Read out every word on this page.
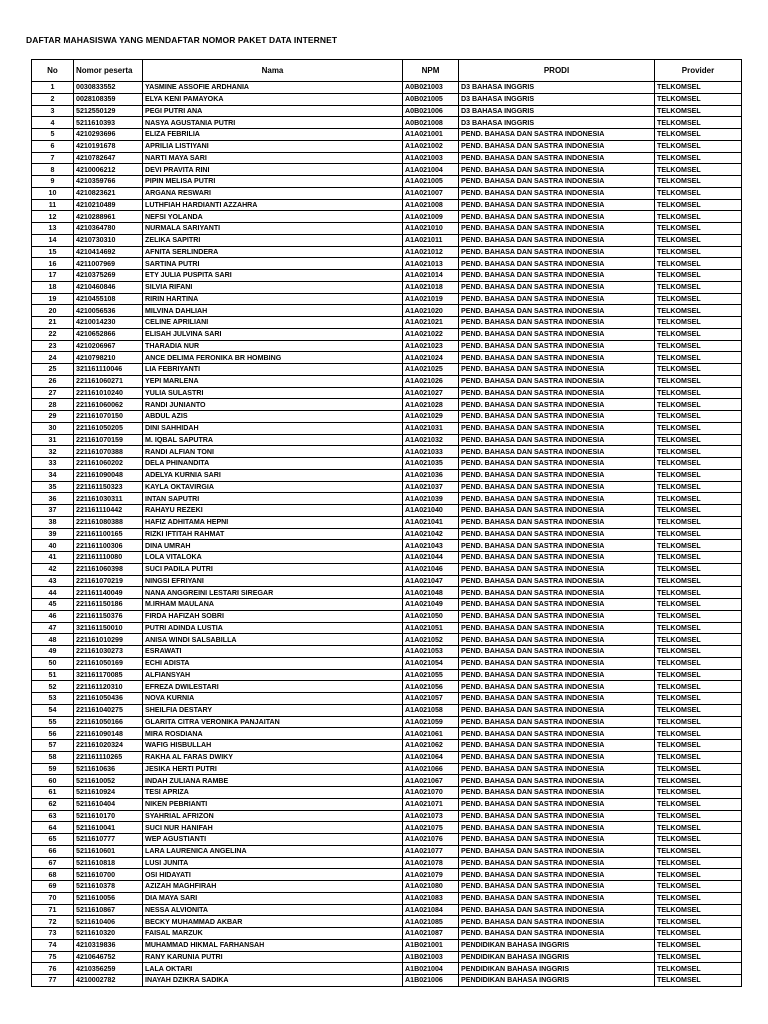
DAFTAR MAHASISWA YANG MENDAFTAR NOMOR PAKET DATA INTERNET
No	Nomor peserta	Nama	NPM	PRODI	Provider
1	0030833552	YASMINE ASSOFIE ARDHANIA	A0B021003	D3 BAHASA INGGRIS	TELKOMSEL
2	0028108359	ELYA KENI PAMAYOKA	A0B021005	D3 BAHASA INGGRIS	TELKOMSEL
3	5212550129	PEGI PUTRI ANA	A0B021006	D3 BAHASA INGGRIS	TELKOMSEL
4	5211610393	NASYA AGUSTANIA PUTRI	A0B021008	D3 BAHASA INGGRIS	TELKOMSEL
5	4210293696	ELIZA FEBRILIA	A1A021001	PEND. BAHASA DAN SASTRA INDONESIA	TELKOMSEL
6	4210191678	APRILIA LISTIYANI	A1A021002	PEND. BAHASA DAN SASTRA INDONESIA	TELKOMSEL
7	4210782647	NARTI MAYA SARI	A1A021003	PEND. BAHASA DAN SASTRA INDONESIA	TELKOMSEL
8	4210006212	DEVI PRAVITA RINI	A1A021004	PEND. BAHASA DAN SASTRA INDONESIA	TELKOMSEL
9	4210359766	PIPIN MELISA PUTRI	A1A021005	PEND. BAHASA DAN SASTRA INDONESIA	TELKOMSEL
10	4210823621	ARGANA RESWARI	A1A021007	PEND. BAHASA DAN SASTRA INDONESIA	TELKOMSEL
11	4210210489	LUTHFIAH HARDIANTI AZZAHRA	A1A021008	PEND. BAHASA DAN SASTRA INDONESIA	TELKOMSEL
12	4210288961	NEFSI YOLANDA	A1A021009	PEND. BAHASA DAN SASTRA INDONESIA	TELKOMSEL
13	4210364780	NURMALA SARIYANTI	A1A021010	PEND. BAHASA DAN SASTRA INDONESIA	TELKOMSEL
14	4210730310	ZELIKA SAPITRI	A1A021011	PEND. BAHASA DAN SASTRA INDONESIA	TELKOMSEL
15	4210414692	AFNITA SERLINDERA	A1A021012	PEND. BAHASA DAN SASTRA INDONESIA	TELKOMSEL
16	4211007969	SARTINA PUTRI	A1A021013	PEND. BAHASA DAN SASTRA INDONESIA	TELKOMSEL
17	4210375269	ETY JULIA PUSPITA SARI	A1A021014	PEND. BAHASA DAN SASTRA INDONESIA	TELKOMSEL
18	4210460846	SILVIA RIFANI	A1A021018	PEND. BAHASA DAN SASTRA INDONESIA	TELKOMSEL
19	4210455108	RIRIN HARTINA	A1A021019	PEND. BAHASA DAN SASTRA INDONESIA	TELKOMSEL
20	4210056536	MILVINA DAHLIAH	A1A021020	PEND. BAHASA DAN SASTRA INDONESIA	TELKOMSEL
21	4210014230	CELINE APRILIANI	A1A021021	PEND. BAHASA DAN SASTRA INDONESIA	TELKOMSEL
22	4210652866	ELISAH JULVINA SARI	A1A021022	PEND. BAHASA DAN SASTRA INDONESIA	TELKOMSEL
23	4210206967	THARADIA NUR	A1A021023	PEND. BAHASA DAN SASTRA INDONESIA	TELKOMSEL
24	4210798210	ANCE DELIMA FERONIKA BR HOMBING	A1A021024	PEND. BAHASA DAN SASTRA INDONESIA	TELKOMSEL
25	321161110046	LIA FEBRIYANTI	A1A021025	PEND. BAHASA DAN SASTRA INDONESIA	TELKOMSEL
26	221161060271	YEPI MARLENA	A1A021026	PEND. BAHASA DAN SASTRA INDONESIA	TELKOMSEL
27	221161010240	YULIA SULASTRI	A1A021027	PEND. BAHASA DAN SASTRA INDONESIA	TELKOMSEL
28	221161060062	RANDI JUNIANTO	A1A021028	PEND. BAHASA DAN SASTRA INDONESIA	TELKOMSEL
29	221161070150	ABDUL AZIS	A1A021029	PEND. BAHASA DAN SASTRA INDONESIA	TELKOMSEL
30	221161050205	DINI SAHHIDAH	A1A021031	PEND. BAHASA DAN SASTRA INDONESIA	TELKOMSEL
31	221161070159	M. IQBAL SAPUTRA	A1A021032	PEND. BAHASA DAN SASTRA INDONESIA	TELKOMSEL
32	221161070388	RANDI ALFIAN TONI	A1A021033	PEND. BAHASA DAN SASTRA INDONESIA	TELKOMSEL
33	221161060202	DELA PHINANDITA	A1A021035	PEND. BAHASA DAN SASTRA INDONESIA	TELKOMSEL
34	221161090048	ADELYA KURNIA SARI	A1A021036	PEND. BAHASA DAN SASTRA INDONESIA	TELKOMSEL
35	221161150323	KAYLA OKTAVIRGIA	A1A021037	PEND. BAHASA DAN SASTRA INDONESIA	TELKOMSEL
36	221161030311	INTAN SAPUTRI	A1A021039	PEND. BAHASA DAN SASTRA INDONESIA	TELKOMSEL
37	221161110442	RAHAYU REZEKI	A1A021040	PEND. BAHASA DAN SASTRA INDONESIA	TELKOMSEL
38	221161080388	HAFIZ ADHITAMA HEPNI	A1A021041	PEND. BAHASA DAN SASTRA INDONESIA	TELKOMSEL
39	221161100165	RIZKI IFTITAH RAHMAT	A1A021042	PEND. BAHASA DAN SASTRA INDONESIA	TELKOMSEL
40	221161100306	DINA UMRAH	A1A021043	PEND. BAHASA DAN SASTRA INDONESIA	TELKOMSEL
41	221161110080	LOLA VITALOKA	A1A021044	PEND. BAHASA DAN SASTRA INDONESIA	TELKOMSEL
42	221161060398	SUCI PADILA PUTRI	A1A021046	PEND. BAHASA DAN SASTRA INDONESIA	TELKOMSEL
43	221161070219	NINGSI EFRIYANI	A1A021047	PEND. BAHASA DAN SASTRA INDONESIA	TELKOMSEL
44	221161140049	NANA ANGGREINI LESTARI SIREGAR	A1A021048	PEND. BAHASA DAN SASTRA INDONESIA	TELKOMSEL
45	221161150186	M.IRHAM MAULANA	A1A021049	PEND. BAHASA DAN SASTRA INDONESIA	TELKOMSEL
46	221161150376	FIRDA HAFIZAH SOBRI	A1A021050	PEND. BAHASA DAN SASTRA INDONESIA	TELKOMSEL
47	321161150010	PUTRI ADINDA LUSTIA	A1A021051	PEND. BAHASA DAN SASTRA INDONESIA	TELKOMSEL
48	221161010299	ANISA WINDI SALSABILLA	A1A021052	PEND. BAHASA DAN SASTRA INDONESIA	TELKOMSEL
49	221161030273	ESRAWATI	A1A021053	PEND. BAHASA DAN SASTRA INDONESIA	TELKOMSEL
50	221161050169	ECHI ADISTA	A1A021054	PEND. BAHASA DAN SASTRA INDONESIA	TELKOMSEL
51	321161170085	ALFIANSYAH	A1A021055	PEND. BAHASA DAN SASTRA INDONESIA	TELKOMSEL
52	221161120310	EFREZA DWILESTARI	A1A021056	PEND. BAHASA DAN SASTRA INDONESIA	TELKOMSEL
53	221161050436	NOVA KURNIA	A1A021057	PEND. BAHASA DAN SASTRA INDONESIA	TELKOMSEL
54	221161040275	SHEILFIA DESTARY	A1A021058	PEND. BAHASA DAN SASTRA INDONESIA	TELKOMSEL
55	221161050166	GLARITA CITRA VERONIKA PANJAITAN	A1A021059	PEND. BAHASA DAN SASTRA INDONESIA	TELKOMSEL
56	221161090148	MIRA ROSDIANA	A1A021061	PEND. BAHASA DAN SASTRA INDONESIA	TELKOMSEL
57	221161020324	WAFIG HISBULLAH	A1A021062	PEND. BAHASA DAN SASTRA INDONESIA	TELKOMSEL
58	221161110265	RAKHA AL FARAS DWIKY	A1A021064	PEND. BAHASA DAN SASTRA INDONESIA	TELKOMSEL
59	5211610636	JESIKA HERTI PUTRI	A1A021066	PEND. BAHASA DAN SASTRA INDONESIA	TELKOMSEL
60	5211610052	INDAH ZULIANA RAMBE	A1A021067	PEND. BAHASA DAN SASTRA INDONESIA	TELKOMSEL
61	5211610924	TESI APRIZA	A1A021070	PEND. BAHASA DAN SASTRA INDONESIA	TELKOMSEL
62	5211610404	NIKEN PEBRIANTI	A1A021071	PEND. BAHASA DAN SASTRA INDONESIA	TELKOMSEL
63	5211610170	SYAHRIAL AFRIZON	A1A021073	PEND. BAHASA DAN SASTRA INDONESIA	TELKOMSEL
64	5211610041	SUCI NUR HANIFAH	A1A021075	PEND. BAHASA DAN SASTRA INDONESIA	TELKOMSEL
65	5211610777	WEP AGUSTIANTI	A1A021076	PEND. BAHASA DAN SASTRA INDONESIA	TELKOMSEL
66	5211610601	LARA LAURENICA ANGELINA	A1A021077	PEND. BAHASA DAN SASTRA INDONESIA	TELKOMSEL
67	5211610818	LUSI JUNITA	A1A021078	PEND. BAHASA DAN SASTRA INDONESIA	TELKOMSEL
68	5211610700	OSI HIDAYATI	A1A021079	PEND. BAHASA DAN SASTRA INDONESIA	TELKOMSEL
69	5211610378	AZIZAH MAGHFIRAH	A1A021080	PEND. BAHASA DAN SASTRA INDONESIA	TELKOMSEL
70	5211610056	DIA MAYA SARI	A1A021083	PEND. BAHASA DAN SASTRA INDONESIA	TELKOMSEL
71	5211610867	NESSA ALVIONITA	A1A021084	PEND. BAHASA DAN SASTRA INDONESIA	TELKOMSEL
72	5211610406	BECKY MUHAMMAD AKBAR	A1A021085	PEND. BAHASA DAN SASTRA INDONESIA	TELKOMSEL
73	5211610320	FAISAL MARZUK	A1A021087	PEND. BAHASA DAN SASTRA INDONESIA	TELKOMSEL
74	4210319836	MUHAMMAD HIKMAL FARHANSAH	A1B021001	PENDIDIKAN BAHASA INGGRIS	TELKOMSEL
75	4210646752	RANY KARUNIA PUTRI	A1B021003	PENDIDIKAN BAHASA INGGRIS	TELKOMSEL
76	4210356259	LALA OKTARI	A1B021004	PENDIDIKAN BAHASA INGGRIS	TELKOMSEL
77	4210002782	INAYAH DZIKRA SADIKA	A1B021006	PENDIDIKAN BAHASA INGGRIS	TELKOMSEL
